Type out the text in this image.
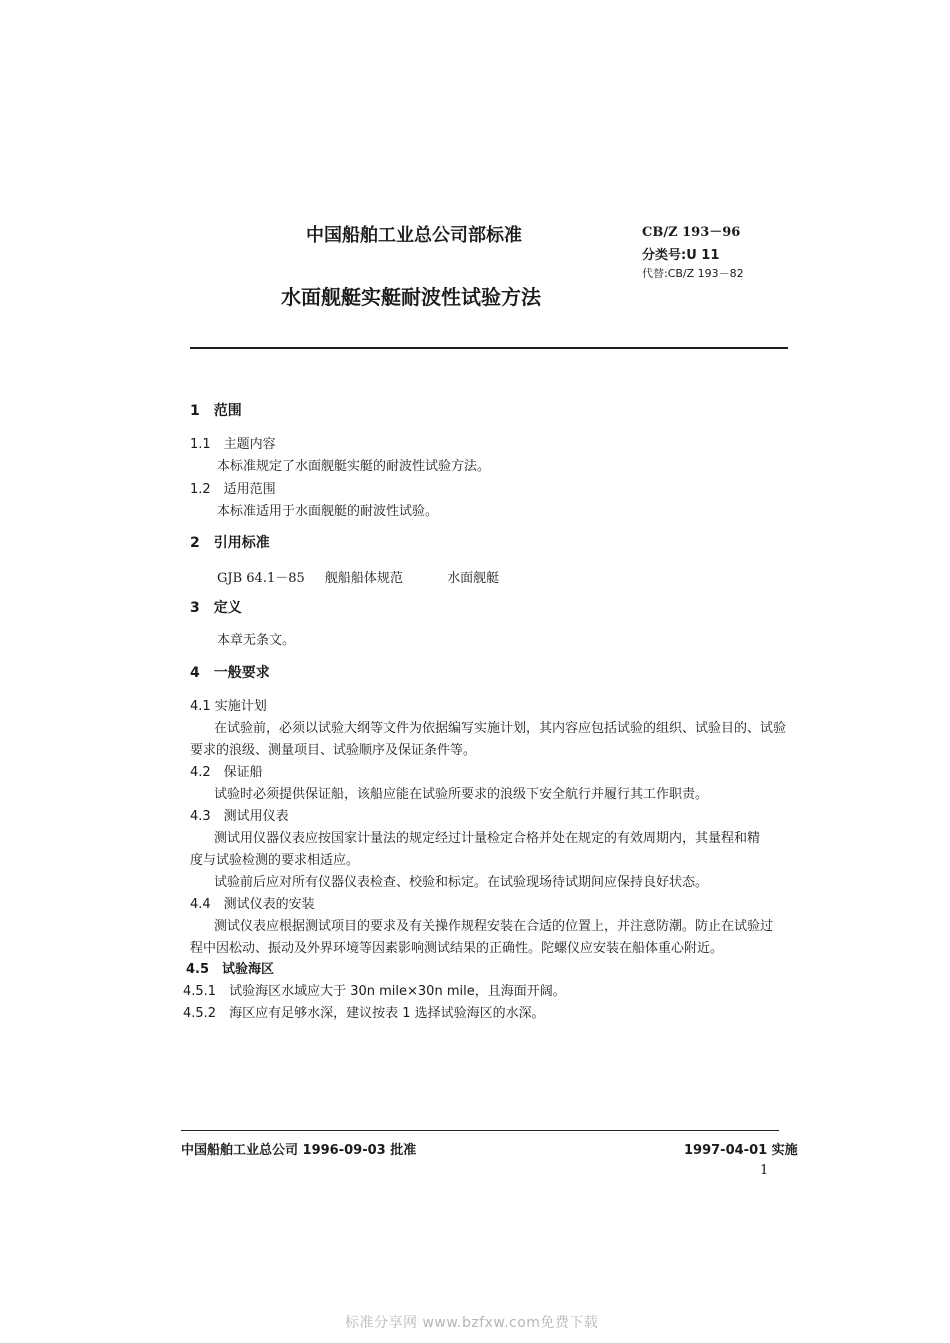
中国船舶工业总公司部标准
水面舰艇实艇耐波性试验方法
CB/Z 193－96
分类号:U 11
代替:CB/Z 193－82
1　范围
1.1　主题内容
本标准规定了水面舰艇实艇的耐波性试验方法。
1.2　适用范围
本标准适用于水面舰艇的耐波性试验。
2　引用标准
GJB 64.1－85 舰船船体规范	水面舰艇
3　定义
本章无条文。
4　一般要求
4.1 实施计划
在试验前，必须以试验大纲等文件为依据编写实施计划，其内容应包括试验的组织、试验目的、试验
要求的浪级、测量项目、试验顺序及保证条件等。
4.2　保证船
试验时必须提供保证船，该船应能在试验所要求的浪级下安全航行并履行其工作职责。
4.3　测试用仪表
测试用仪器仪表应按国家计量法的规定经过计量检定合格并处在规定的有效周期内，其量程和精
度与试验检测的要求相适应。
试验前后应对所有仪器仪表检查、校验和标定。在试验现场待试期间应保持良好状态。
4.4　测试仪表的安装
测试仪表应根据测试项目的要求及有关操作规程安装在合适的位置上，并注意防潮。防止在试验过
程中因松动、振动及外界环境等因素影响测试结果的正确性。陀螺仪应安装在船体重心附近。
4.5　试验海区
4.5.1　试验海区水域应大于 30n mile×30n mile，且海面开阔。
4.5.2　海区应有足够水深，建议按表 1 选择试验海区的水深。
中国船舶工业总公司 1996-09-03 批准	1997-04-01 实施
1
标准分享网 www.bzfxw.com免费下载
